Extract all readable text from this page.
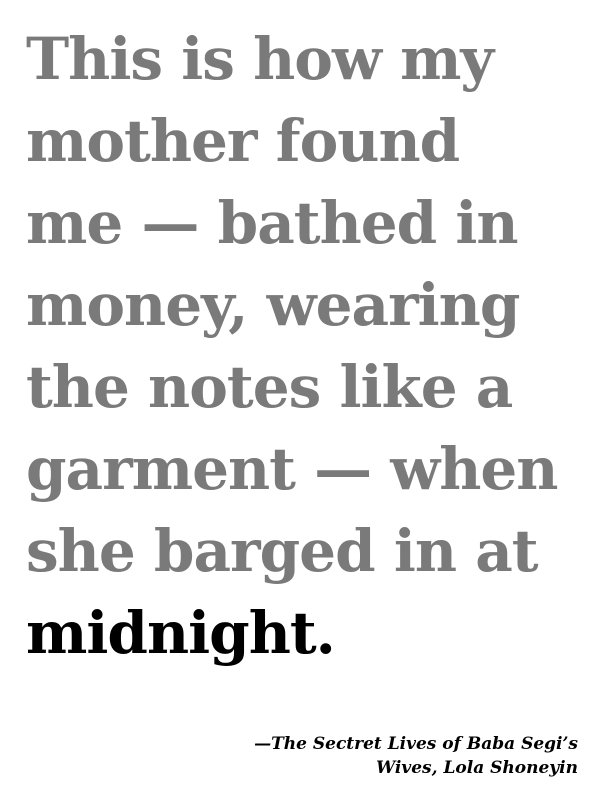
This is how my
mother found
me — bathed in
money, wearing
the notes like a
garment — when
she barged in at
midnight.

—The Sectret Lives of Baba Segi’s
Wives, Lola Shoneyin
